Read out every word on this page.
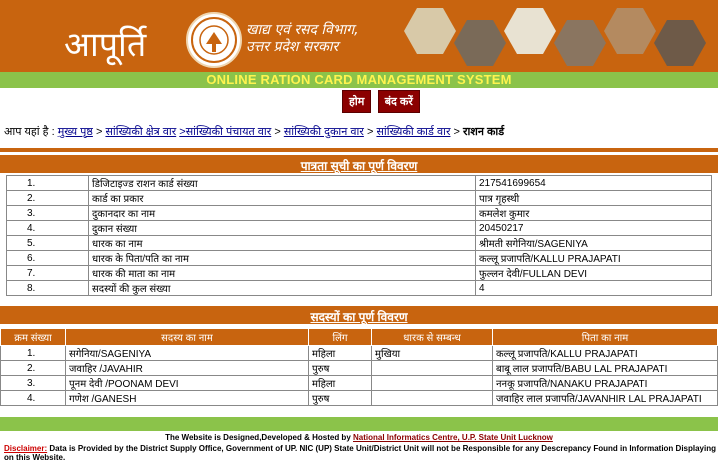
आपूर्ति	खाद्य एवं रसद विभाग,
उत्तर प्रदेश सरकार
ONLINE RATION CARD MANAGEMENT SYSTEM
होम बंद करें
आप यहां है : मुख्य पृष्ठ > सांख्यिकी क्षेत्र वार >सांख्यिकी पंचायत वार > सांख्यिकी दुकान वार > सांख्यिकी कार्ड वार > राशन कार्ड
पात्रता सूची का पूर्ण विवरण
1.	डिजिटाइज्ड राशन कार्ड संख्या	217541699654
2.	कार्ड का प्रकार	पात्र गृहस्थी
3.	दुकानदार का नाम	कमलेश कुमार
4.	दुकान संख्या	20450217
5.	धारक का नाम	श्रीमती सगेनिया/SAGENIYA
6.	धारक के पिता/पति का नाम	कल्लू प्रजापति/KALLU PRAJAPATI
7.	धारक की माता का नाम	फुल्लन देवी/FULLAN DEVI
8.	सदस्यों की कुल संख्या	4
सदस्यों का पूर्ण विवरण
क्रम संख्या	सदस्य का नाम	लिंग	धारक से सम्बन्ध	पिता का नाम
1.	सगेनिया/SAGENIYA	महिला	मुखिया	कल्लू प्रजापति/KALLU PRAJAPATI
2.	जवाहिर /JAVAHIR	पुरुष		बाबू लाल प्रजापति/BABU LAL PRAJAPATI
3.	पूनम देवी /POONAM DEVI	महिला		ननकू प्रजापति/NANAKU PRAJAPATI
4.	गणेश /GANESH	पुरुष		जवाहिर लाल प्रजापति/JAVANHIR LAL PRAJAPATI
The Website is Designed,Developed & Hosted by National Informatics Centre, U.P. State Unit Lucknow
Disclaimer: Data is Provided by the District Supply Office, Government of UP. NIC (UP) State Unit/District Unit will not be Responsible for any Descrepancy Found in Information Displaying on this Website.
